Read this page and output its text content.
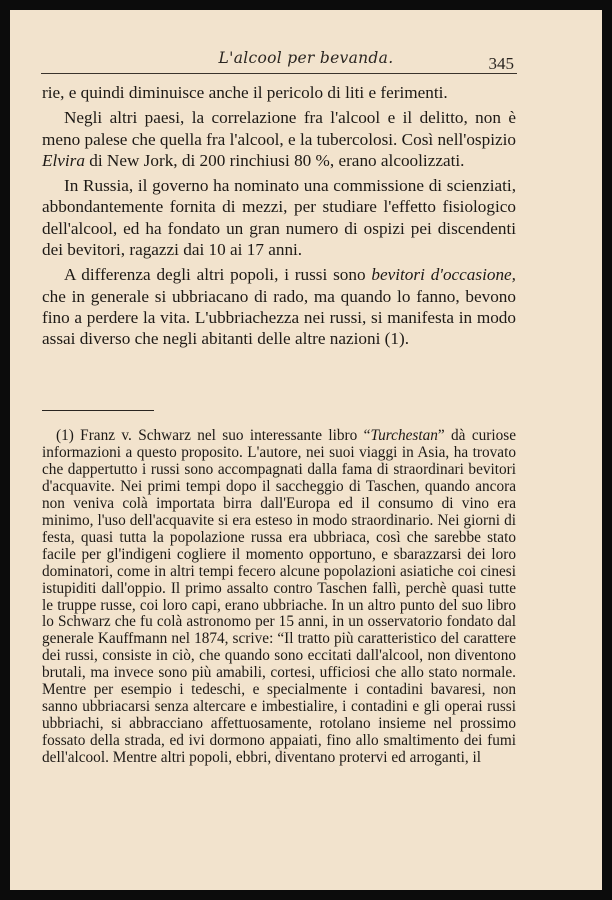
L'alcool per bevanda.	345

rie, e quindi diminuisce anche il pericolo di liti e ferimenti.

Negli altri paesi, la correlazione fra l'alcool e il delitto, non è meno palese che quella fra l'alcool, e la tubercolosi. Così nell'ospizio Elvira di New Jork, di 200 rinchiusi 80 %, erano alcoolizzati.

In Russia, il governo ha nominato una commissione di scienziati, abbondantemente fornita di mezzi, per studiare l'effetto fisiologico dell'alcool, ed ha fondato un gran numero di ospizi pei discendenti dei bevitori, ragazzi dai 10 ai 17 anni.

A differenza degli altri popoli, i russi sono bevitori d'occasione, che in generale si ubbriacano di rado, ma quando lo fanno, bevono fino a perdere la vita. L'ubbriachezza nei russi, si manifesta in modo assai diverso che negli abitanti delle altre nazioni (1).

(1) Franz v. Schwarz nel suo interessante libro “Turchestan” dà curiose informazioni a questo proposito. L'autore, nei suoi viaggi in Asia, ha trovato che dappertutto i russi sono accompagnati dalla fama di straordinari bevitori d'acquavite. Nei primi tempi dopo il saccheggio di Taschen, quando ancora non veniva colà importata birra dall'Europa ed il consumo di vino era minimo, l'uso dell'acquavite si era esteso in modo straordinario. Nei giorni di festa, quasi tutta la popolazione russa era ubbriaca, così che sarebbe stato facile per gl'indigeni cogliere il momento opportuno, e sbarazzarsi dei loro dominatori, come in altri tempi fecero alcune popolazioni asiatiche coi cinesi istupiditi dall'oppio. Il primo assalto contro Taschen fallì, perchè quasi tutte le truppe russe, coi loro capi, erano ubbriache. In un altro punto del suo libro lo Schwarz che fu colà astronomo per 15 anni, in un osservatorio fondato dal generale Kauffmann nel 1874, scrive: “Il tratto più caratteristico del carattere dei russi, consiste in ciò, che quando sono eccitati dall'alcool, non diventono brutali, ma invece sono più amabili, cortesi, ufficiosi che allo stato normale. Mentre per esempio i tedeschi, e specialmente i contadini bavaresi, non sanno ubbriacarsi senza altercare e imbestialire, i contadini e gli operai russi ubbriachi, si abbracciano affettuosamente, rotolano insieme nel prossimo fossato della strada, ed ivi dormono appaiati, fino allo smaltimento dei fumi dell'alcool. Mentre altri popoli, ebbri, diventano protervi ed arroganti, il
